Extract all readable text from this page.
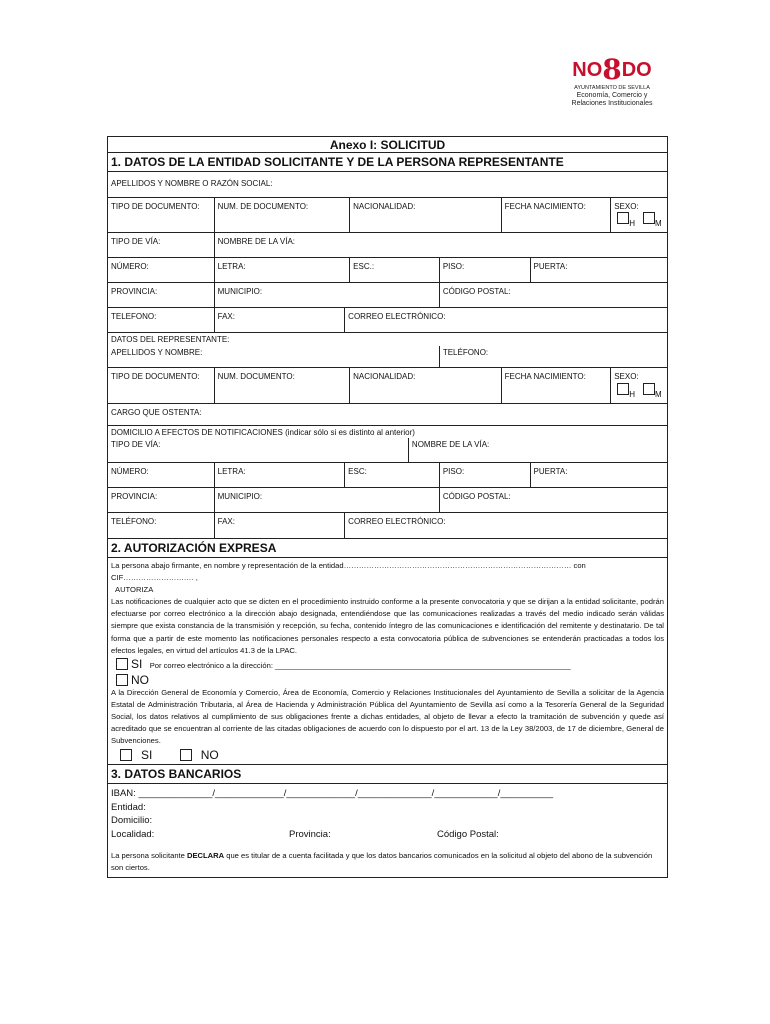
NO8DO
AYUNTAMIENTO DE SEVILLA
Economía, Comercio y
Relaciones Institucionales
Anexo I: SOLICITUD
1. DATOS DE LA ENTIDAD SOLICITANTE Y DE LA PERSONA REPRESENTANTE
APELLIDOS Y NOMBRE O RAZÓN SOCIAL:
TIPO DE DOCUMENTO:	NUM. DE DOCUMENTO:	NACIONALIDAD:	FECHA NACIMIENTO:	SEXO:
H	M
TIPO DE VÍA:	NOMBRE DE LA VÍA:
NÚMERO:	LETRA:	ESC.:	PISO:	PUERTA:
PROVINCIA:	MUNICIPIO:	CÓDIGO POSTAL:
TELEFONO:	FAX:	CORREO ELECTRÓNICO:
DATOS DEL REPRESENTANTE:
APELLIDOS Y NOMBRE:	TELÉFONO:
TIPO DE DOCUMENTO:	NUM. DOCUMENTO:	NACIONALIDAD:	FECHA NACIMIENTO:	SEXO:
H	M
CARGO QUE OSTENTA:
DOMICILIO A EFECTOS DE NOTIFICACIONES (indicar sólo si es distinto al anterior)
TIPO DE VÍA:	NOMBRE DE LA VÍA:
NÚMERO:	LETRA:	ESC:	PISO:	PUERTA:
PROVINCIA:	MUNICIPIO:	CÓDIGO POSTAL:
TELÉFONO:	FAX:	CORREO ELECTRÓNICO:
2. AUTORIZACIÓN EXPRESA
La persona abajo firmante, en nombre y representación de la entidad……………………………………………………………………………… con
CIF…………………….… ,
AUTORIZA
Las notificaciones de cualquier acto que se dicten en el procedimiento instruido conforme a la presente convocatoria y que se dirijan a la entidad solicitante, podrán efectuarse por correo electrónico a la dirección abajo designada, entendiéndose que las comunicaciones realizadas a través del medio indicado serán válidas siempre que exista constancia de la transmisión y recepción, su fecha, contenido íntegro de las comunicaciones e identificación del remitente y destinatario. De tal forma que a partir de este momento las notificaciones personales respecto a esta convocatoria pública de subvenciones se entenderán practicadas a todos los efectos legales, en virtud del artículos 41.3 de la LPAC.
SI Por correo electrónico a la dirección: ______________________________________________________________________
NO
A la Dirección General de Economía y Comercio, Área de Economía, Comercio y Relaciones Institucionales del Ayuntamiento de Sevilla a solicitar de la Agencia Estatal de Administración Tributaria, al Área de Hacienda y Administración Pública del Ayuntamiento de Sevilla así como a la Tesorería General de la Seguridad Social, los datos relativos al cumplimiento de sus obligaciones frente a dichas entidades, al objeto de llevar a efecto la tramitación de subvención y quede así acreditado que se encuentran al corriente de las citadas obligaciones de acuerdo con lo dispuesto por el art. 13 de la Ley 38/2003, de 17 de diciembre, General de Subvenciones.
SI	NO
3. DATOS BANCARIOS
IBAN: ______________/_____________/_____________/______________/____________/__________
Entidad:
Domicilio:
Localidad:	Provincia:	Código Postal:
La persona solicitante DECLARA que es titular de a cuenta facilitada y que los datos bancarios comunicados en la solicitud al objeto del abono de la subvención son ciertos.
